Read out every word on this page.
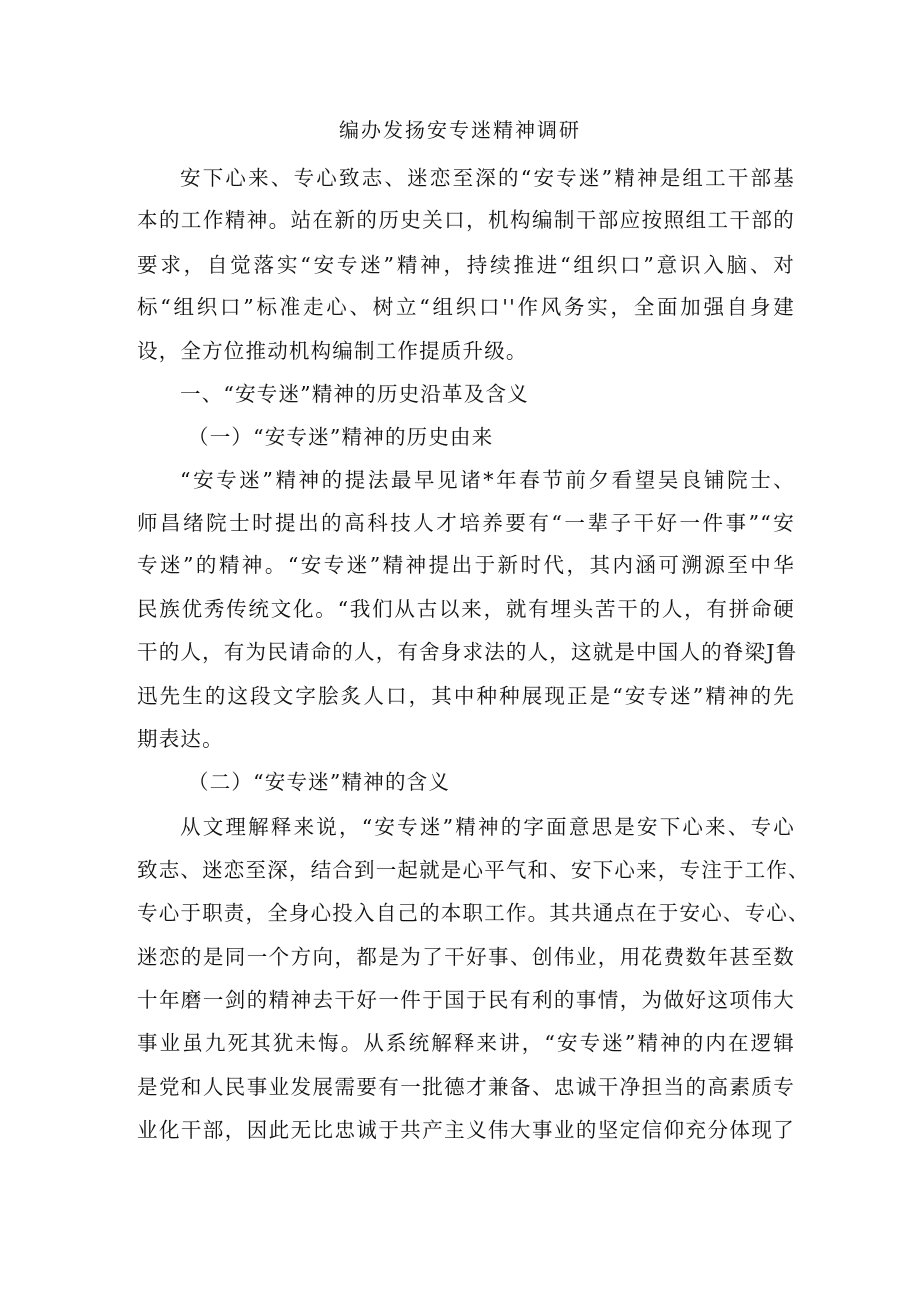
编办发扬安专迷精神调研

安下心来、专心致志、迷恋至深的“安专迷”精神是组工干部基

本的工作精神。站在新的历史关口，机构编制干部应按照组工干部的

要求，自觉落实“安专迷”精神，持续推进“组织口”意识入脑、对

标“组织口”标准走心、树立“组织口''作风务实，全面加强自身建

设，全方位推动机构编制工作提质升级。

一、“安专迷”精神的历史沿革及含义

（一）“安专迷”精神的历史由来

“安专迷”精神的提法最早见诸*年春节前夕看望吴良铺院士、

师昌绪院士时提出的高科技人才培养要有“一辈子干好一件事”“安

专迷”的精神。“安专迷”精神提出于新时代，其内涵可溯源至中华

民族优秀传统文化。“我们从古以来，就有埋头苦干的人，有拼命硬

干的人，有为民请命的人，有舍身求法的人，这就是中国人的脊梁J鲁

迅先生的这段文字脍炙人口，其中种种展现正是“安专迷”精神的先

期表达。

（二）“安专迷”精神的含义

从文理解释来说，“安专迷”精神的字面意思是安下心来、专心

致志、迷恋至深，结合到一起就是心平气和、安下心来，专注于工作、

专心于职责，全身心投入自己的本职工作。其共通点在于安心、专心、

迷恋的是同一个方向，都是为了干好事、创伟业，用花费数年甚至数

十年磨一剑的精神去干好一件于国于民有利的事情，为做好这项伟大

事业虽九死其犹未悔。从系统解释来讲，“安专迷”精神的内在逻辑

是党和人民事业发展需要有一批德才兼备、忠诚干净担当的高素质专

业化干部，因此无比忠诚于共产主义伟大事业的坚定信仰充分体现了
